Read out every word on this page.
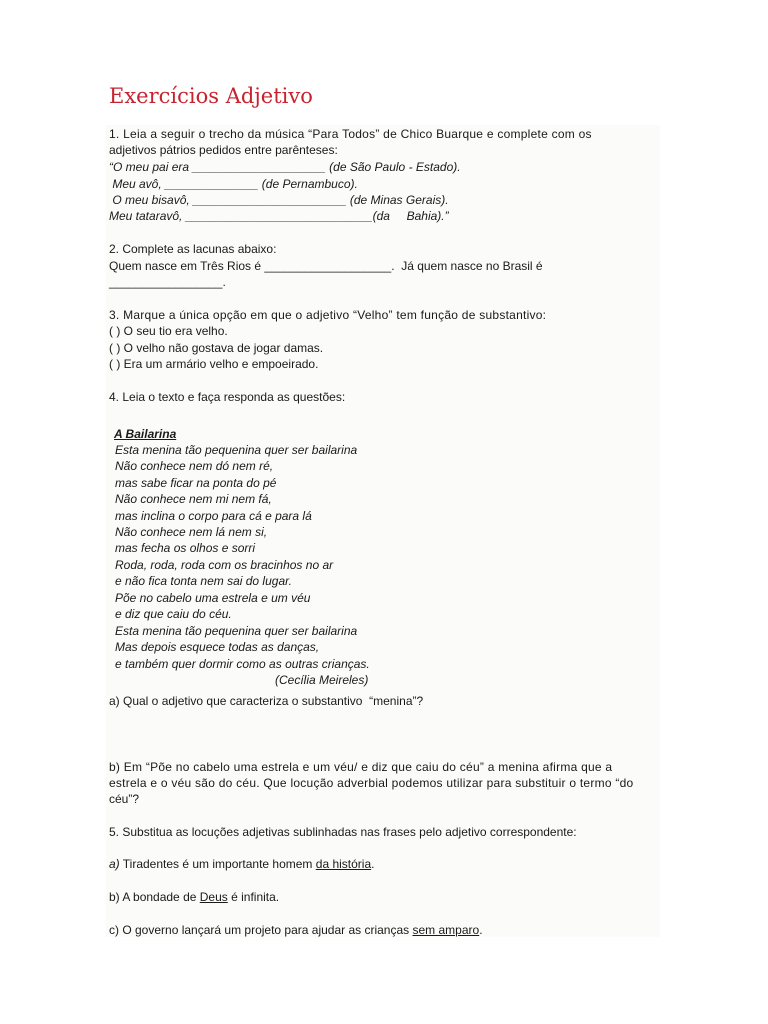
Exercícios Adjetivo

1. Leia a seguir o trecho da música “Para Todos” de Chico Buarque e complete com os

adjetivos pátrios pedidos entre parênteses:

“O meu pai era ____________________ (de São Paulo - Estado).

Meu avô, ______________ (de Pernambuco).

O meu bisavô, _______________________ (de Minas Gerais).

Meu tataravô, ____________________________(da     Bahia).”

2. Complete as lacunas abaixo:

Quem nasce em Três Rios é ___________________.  Já quem nasce no Brasil é

_________________.

3. Marque a única opção em que o adjetivo “Velho” tem função de substantivo:

( ) O seu tio era velho.

( ) O velho não gostava de jogar damas.

( ) Era um armário velho e empoeirado.

4. Leia o texto e faça responda as questões:

A Bailarina

Esta menina tão pequenina quer ser bailarina

Não conhece nem dó nem ré,

mas sabe ficar na ponta do pé

Não conhece nem mi nem fá,

mas inclina o corpo para cá e para lá

Não conhece nem lá nem si,

mas fecha os olhos e sorri

Roda, roda, roda com os bracinhos no ar

e não fica tonta nem sai do lugar.

Põe no cabelo uma estrela e um véu

e diz que caiu do céu.

Esta menina tão pequenina quer ser bailarina

Mas depois esquece todas as danças,

e também quer dormir como as outras crianças.

(Cecília Meireles)

a) Qual o adjetivo que caracteriza o substantivo  “menina”?

b) Em “Põe no cabelo uma estrela e um véu/ e diz que caiu do céu” a menina afirma que a

estrela e o véu são do céu. Que locução adverbial podemos utilizar para substituir o termo “do

céu”?

5. Substitua as locuções adjetivas sublinhadas nas frases pelo adjetivo correspondente:

a) Tiradentes é um importante homem da história.

b) A bondade de Deus é infinita.

c) O governo lançará um projeto para ajudar as crianças sem amparo.
